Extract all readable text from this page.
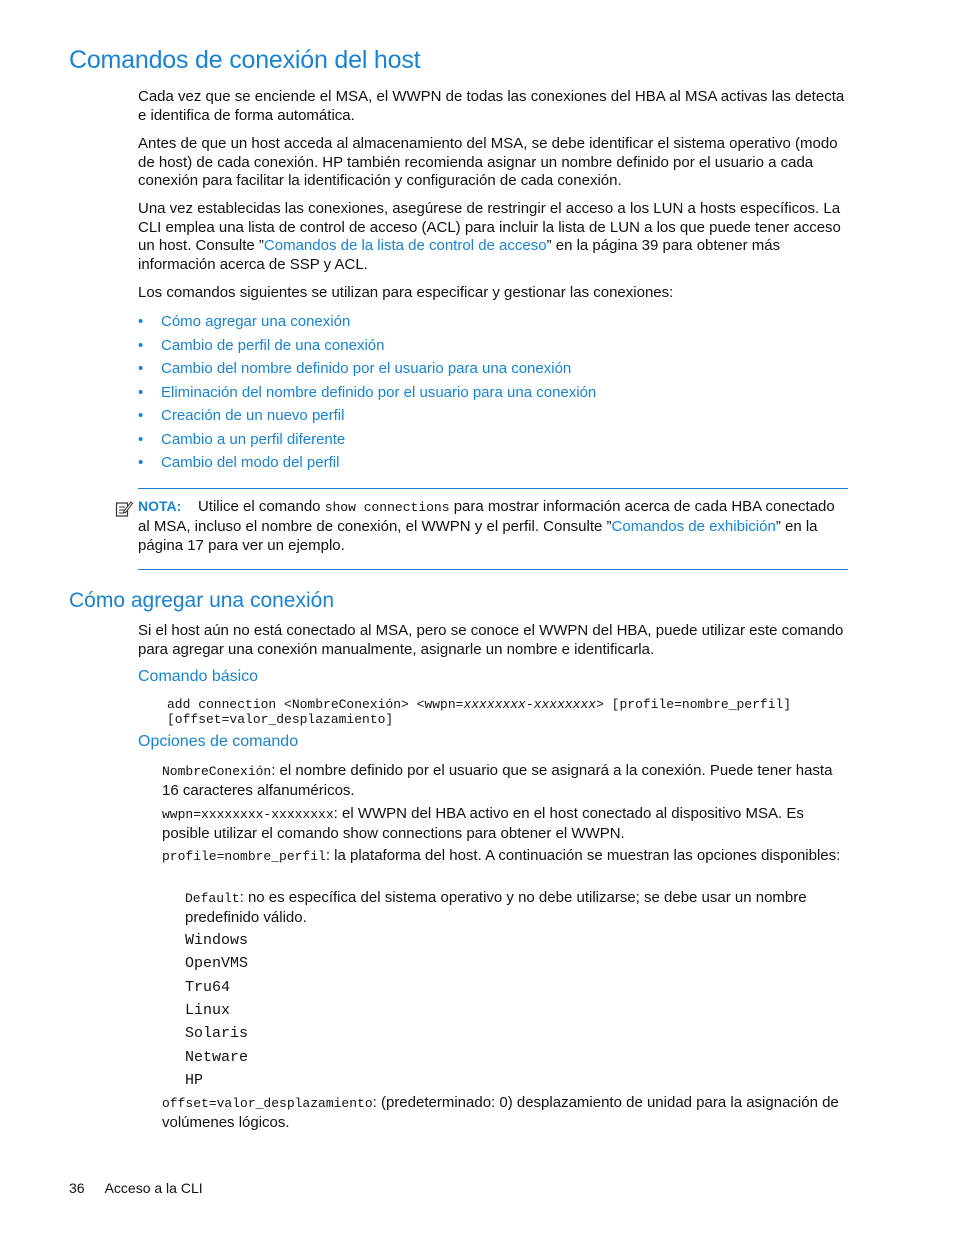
Comandos de conexión del host

Cada vez que se enciende el MSA, el WWPN de todas las conexiones del HBA al MSA activas las detecta e identifica de forma automática.

Antes de que un host acceda al almacenamiento del MSA, se debe identificar el sistema operativo (modo de host) de cada conexión. HP también recomienda asignar un nombre definido por el usuario a cada conexión para facilitar la identificación y configuración de cada conexión.

Una vez establecidas las conexiones, asegúrese de restringir el acceso a los LUN a hosts específicos. La CLI emplea una lista de control de acceso (ACL) para incluir la lista de LUN a los que puede tener acceso un host. Consulte ”Comandos de la lista de control de acceso” en la página 39 para obtener más información acerca de SSP y ACL.

Los comandos siguientes se utilizan para especificar y gestionar las conexiones:

• Cómo agregar una conexión
• Cambio de perfil de una conexión
• Cambio del nombre definido por el usuario para una conexión
• Eliminación del nombre definido por el usuario para una conexión
• Creación de un nuevo perfil
• Cambio a un perfil diferente
• Cambio del modo del perfil
NOTA: Utilice el comando show connections para mostrar información acerca de cada HBA conectado al MSA, incluso el nombre de conexión, el WWPN y el perfil. Consulte ”Comandos de exhibición” en la página 17 para ver un ejemplo.
Cómo agregar una conexión

Si el host aún no está conectado al MSA, pero se conoce el WWPN del HBA, puede utilizar este comando para agregar una conexión manualmente, asignarle un nombre e identificarla.

Comando básico
add connection <NombreConexión> <wwpn=xxxxxxxx-xxxxxxxx> [profile=nombre_perfil]
[offset=valor_desplazamiento]
Opciones de comando

NombreConexión: el nombre definido por el usuario que se asignará a la conexión. Puede tener hasta 16 caracteres alfanuméricos.

wwpn=xxxxxxxx-xxxxxxxx: el WWPN del HBA activo en el host conectado al dispositivo MSA. Es posible utilizar el comando show connections para obtener el WWPN.

profile=nombre_perfil: la plataforma del host. A continuación se muestran las opciones disponibles:

Default: no es específica del sistema operativo y no debe utilizarse; se debe usar un nombre predefinido válido.

Windows
OpenVMS
Tru64
Linux
Solaris
Netware
HP

offset=valor_desplazamiento: (predeterminado: 0) desplazamiento de unidad para la asignación de volúmenes lógicos.

36 Acceso a la CLI
